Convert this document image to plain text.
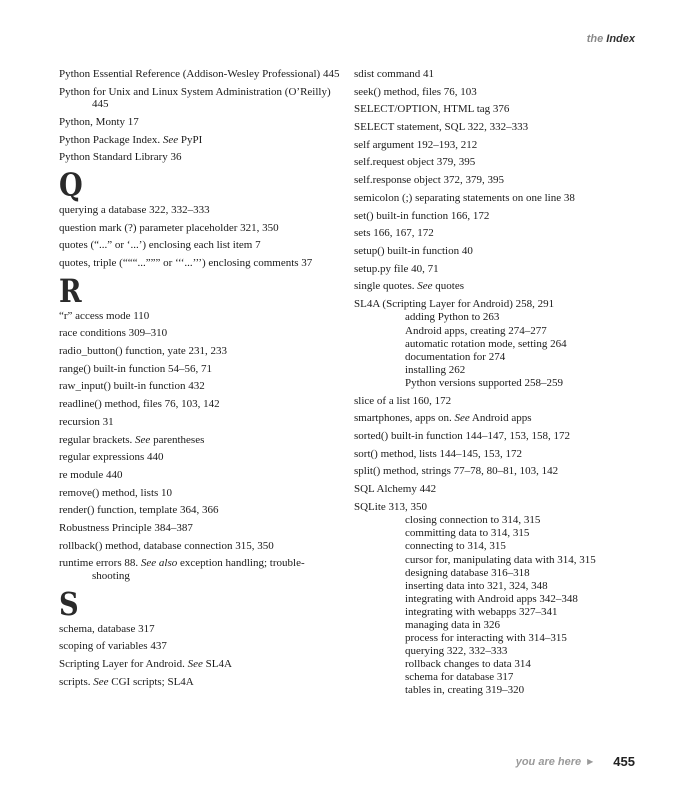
the Index
Python Essential Reference (Addison-Wesley Professional) 445
Python for Unix and Linux System Administration (O’Reilly) 445
Python, Monty 17
Python Package Index. See PyPI
Python Standard Library 36
Q
querying a database 322, 332–333
question mark (?) parameter placeholder 321, 350
quotes (“...” or ‘...’) enclosing each list item 7
quotes, triple (“““...””” or ‘‘‘...’’’) enclosing comments 37
R
“r” access mode 110
race conditions 309–310
radio_button() function, yate 231, 233
range() built-in function 54–56, 71
raw_input() built-in function 432
readline() method, files 76, 103, 142
recursion 31
regular brackets. See parentheses
regular expressions 440
re module 440
remove() method, lists 10
render() function, template 364, 366
Robustness Principle 384–387
rollback() method, database connection 315, 350
runtime errors 88. See also exception handling; trouble-shooting
S
schema, database 317
scoping of variables 437
Scripting Layer for Android. See SL4A
scripts. See CGI scripts; SL4A
sdist command 41
seek() method, files 76, 103
SELECT/OPTION, HTML tag 376
SELECT statement, SQL 322, 332–333
self argument 192–193, 212
self.request object 379, 395
self.response object 372, 379, 395
semicolon (;) separating statements on one line 38
set() built-in function 166, 172
sets 166, 167, 172
setup() built-in function 40
setup.py file 40, 71
single quotes. See quotes
SL4A (Scripting Layer for Android) 258, 291
adding Python to 263
Android apps, creating 274–277
automatic rotation mode, setting 264
documentation for 274
installing 262
Python versions supported 258–259
slice of a list 160, 172
smartphones, apps on. See Android apps
sorted() built-in function 144–147, 153, 158, 172
sort() method, lists 144–145, 153, 172
split() method, strings 77–78, 80–81, 103, 142
SQL Alchemy 442
SQLite 313, 350
closing connection to 314, 315
committing data to 314, 315
connecting to 314, 315
cursor for, manipulating data with 314, 315
designing database 316–318
inserting data into 321, 324, 348
integrating with Android apps 342–348
integrating with webapps 327–341
managing data in 326
process for interacting with 314–315
querying 322, 332–333
rollback changes to data 314
schema for database 317
tables in, creating 319–320
you are here ▶ 455
